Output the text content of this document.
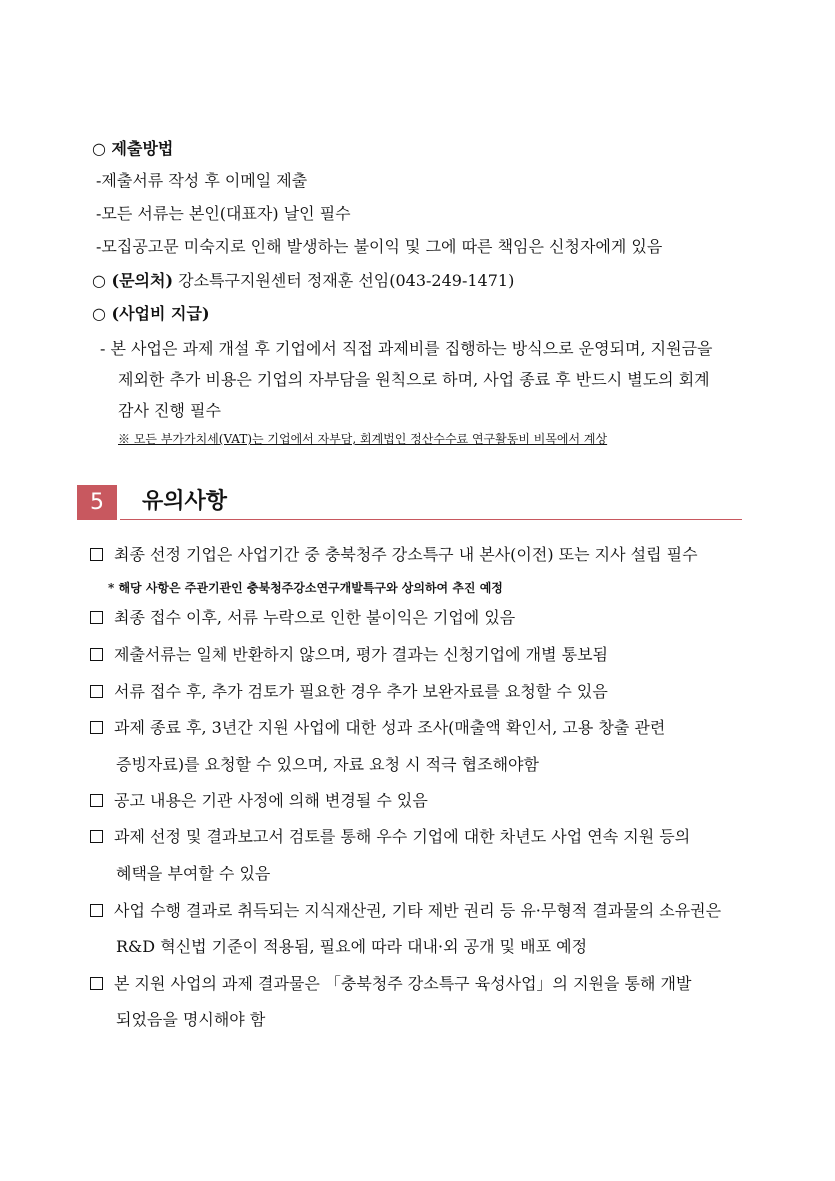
○ 제출방법
-제출서류 작성 후 이메일 제출
-모든 서류는 본인(대표자) 날인 필수
-모집공고문 미숙지로 인해 발생하는 불이익 및 그에 따른 책임은 신청자에게 있음
○ (문의처) 강소특구지원센터 정재훈 선임(043-249-1471)
○ (사업비 지급)
- 본 사업은 과제 개설 후 기업에서 직접 과제비를 집행하는 방식으로 운영되며, 지원금을
제외한 추가 비용은 기업의 자부담을 원칙으로 하며, 사업 종료 후 반드시 별도의 회계
감사 진행 필수
※ 모든 부가가치세(VAT)는 기업에서 자부담, 회계법인 정산수수료 연구활동비 비목에서 계상
5	유의사항
최종 선정 기업은 사업기간 중 충북청주 강소특구 내 본사(이전) 또는 지사 설립 필수
* 해당 사항은 주관기관인 충북청주강소연구개발특구와 상의하여 추진 예정
최종 접수 이후, 서류 누락으로 인한 불이익은 기업에 있음
제출서류는 일체 반환하지 않으며, 평가 결과는 신청기업에 개별 통보됨
서류 접수 후, 추가 검토가 필요한 경우 추가 보완자료를 요청할 수 있음
과제 종료 후, 3년간 지원 사업에 대한 성과 조사(매출액 확인서, 고용 창출 관련
증빙자료)를 요청할 수 있으며, 자료 요청 시 적극 협조해야함
공고 내용은 기관 사정에 의해 변경될 수 있음
과제 선정 및 결과보고서 검토를 통해 우수 기업에 대한 차년도 사업 연속 지원 등의
혜택을 부여할 수 있음
사업 수행 결과로 취득되는 지식재산권, 기타 제반 권리 등 유·무형적 결과물의 소유권은
R&D 혁신법 기준이 적용됨, 필요에 따라 대내·외 공개 및 배포 예정
본 지원 사업의 과제 결과물은 「충북청주 강소특구 육성사업」의 지원을 통해 개발
되었음을 명시해야 함
